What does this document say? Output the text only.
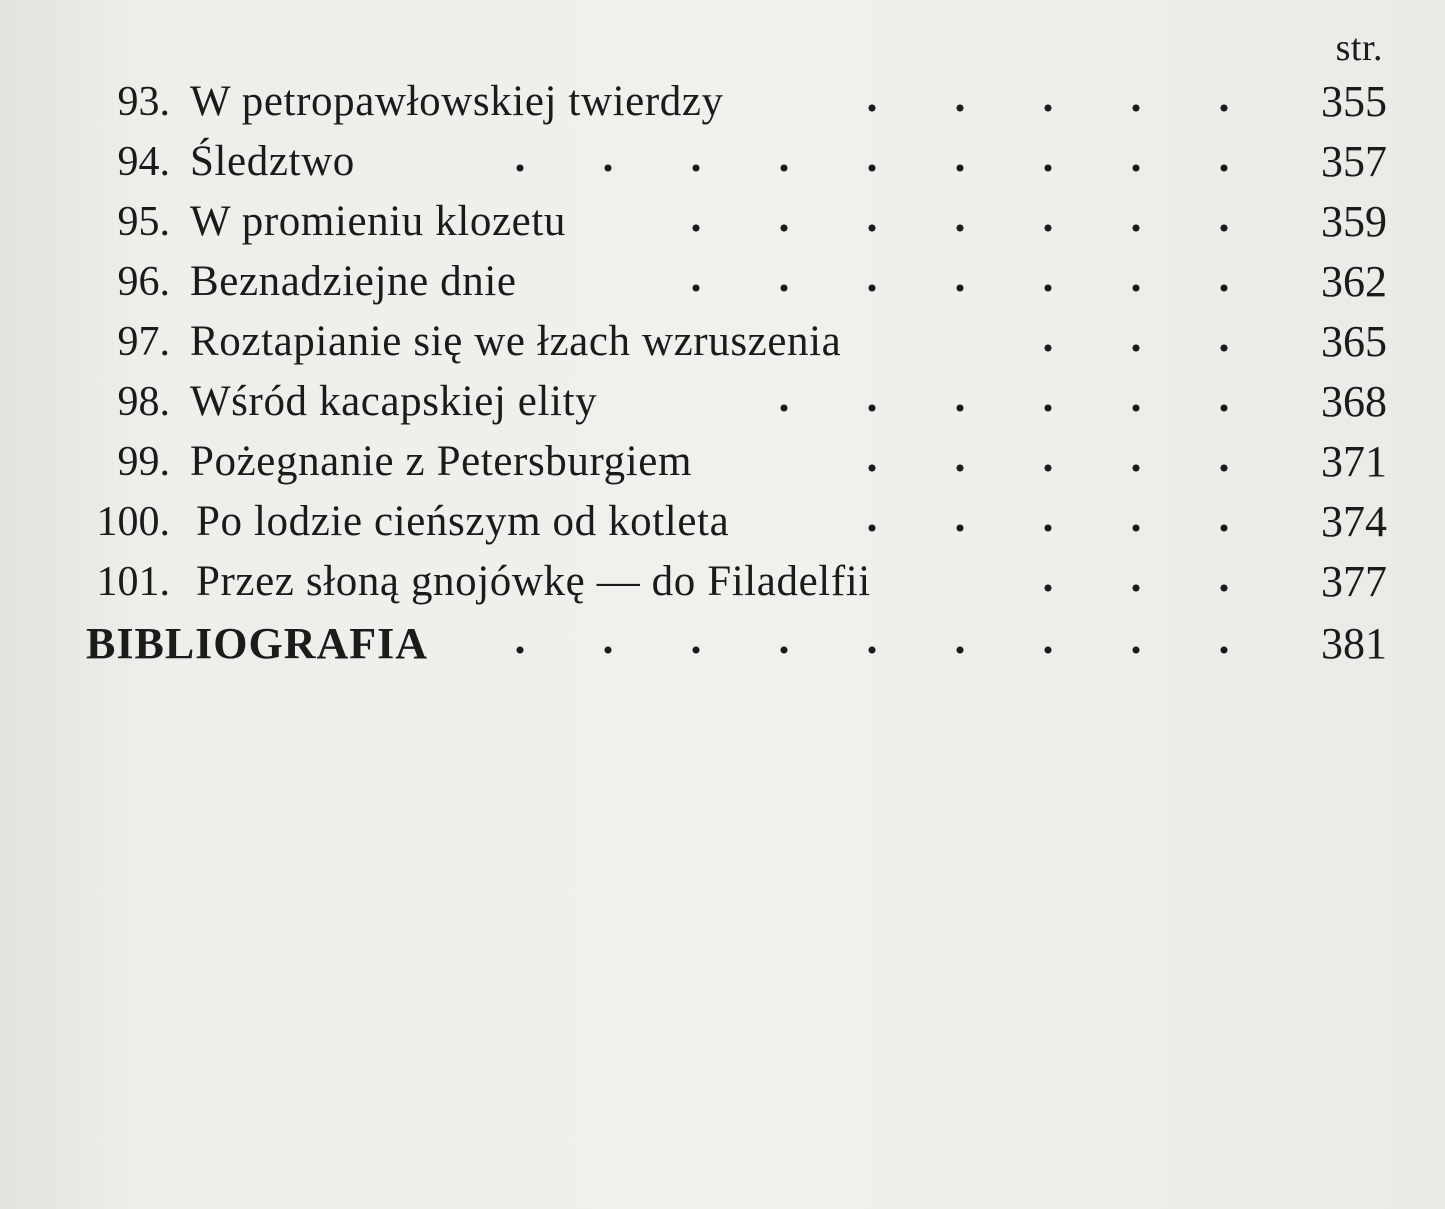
str.
93. W petropawłowskiej twierdzy	355
94. Śledztwo	357
95. W promieniu klozetu	359
96. Beznadziejne dnie	362
97. Roztapianie się we łzach wzruszenia	365
98. Wśród kacapskiej elity	368
99. Pożegnanie z Petersburgiem	371
100. Po lodzie cieńszym od kotleta	374
101. Przez słoną gnojówkę — do Filadelfii	377
BIBLIOGRAFIA	381
